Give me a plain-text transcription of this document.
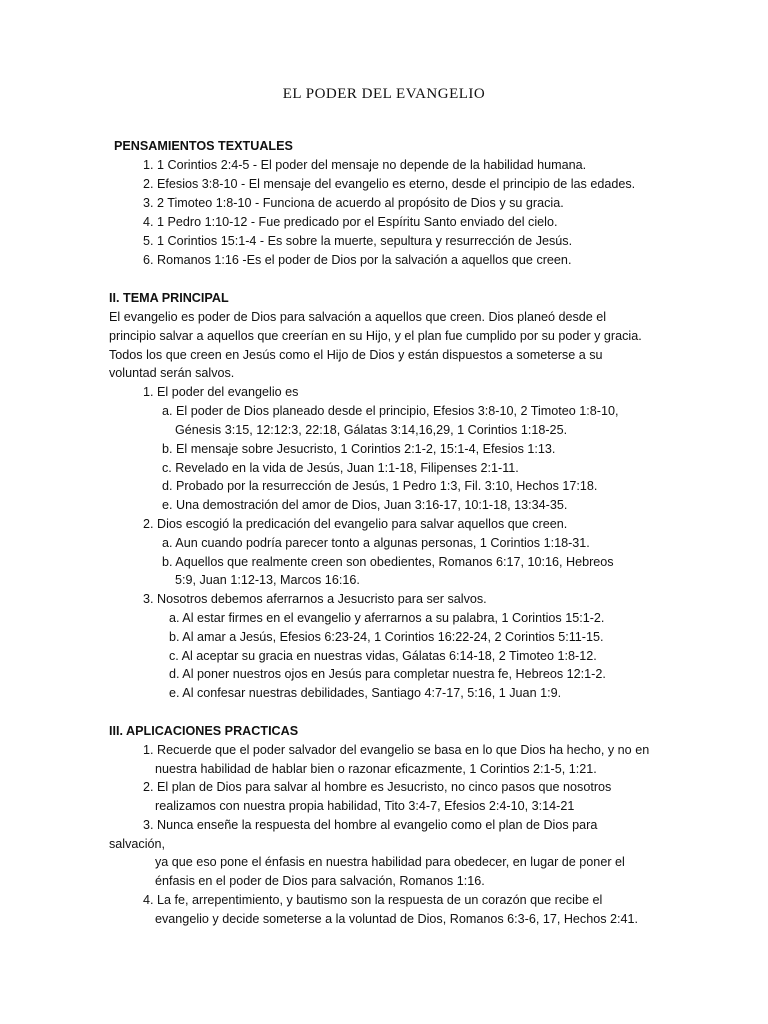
EL PODER DEL EVANGELIO
PENSAMIENTOS TEXTUALES
1. 1 Corintios 2:4-5 - El poder del mensaje no depende de la habilidad humana.
2. Efesios 3:8-10 - El mensaje del evangelio es eterno, desde el principio de las edades.
3. 2 Timoteo 1:8-10 - Funciona de acuerdo al propósito de Dios y su gracia.
4. 1 Pedro 1:10-12 - Fue predicado por el Espíritu Santo enviado del cielo.
5. 1 Corintios 15:1-4 - Es sobre la muerte, sepultura y resurrección de Jesús.
6. Romanos 1:16 -Es el poder de Dios por la salvación a aquellos que creen.
II. TEMA PRINCIPAL
El evangelio es poder de Dios para salvación a aquellos que creen. Dios planeó desde el
principio salvar a aquellos que creerían en su Hijo, y el plan fue cumplido por su poder y gracia.
Todos los que creen en Jesús como el Hijo de Dios y están dispuestos a someterse a su
voluntad serán salvos.
1. El poder del evangelio es
a. El poder de Dios planeado desde el principio, Efesios 3:8-10, 2 Timoteo 1:8-10,
Génesis 3:15, 12:12:3, 22:18, Gálatas 3:14,16,29, 1 Corintios 1:18-25.
b. El mensaje sobre Jesucristo, 1 Corintios 2:1-2, 15:1-4, Efesios 1:13.
c. Revelado en la vida de Jesús, Juan 1:1-18, Filipenses 2:1-11.
d. Probado por la resurrección de Jesús, 1 Pedro 1:3, Fil. 3:10, Hechos 17:18.
e. Una demostración del amor de Dios, Juan 3:16-17, 10:1-18, 13:34-35.
2. Dios escogió la predicación del evangelio para salvar aquellos que creen.
a. Aun cuando podría parecer tonto a algunas personas, 1 Corintios 1:18-31.
b. Aquellos que realmente creen son obedientes, Romanos 6:17, 10:16, Hebreos
5:9, Juan 1:12-13, Marcos 16:16.
3. Nosotros debemos aferrarnos a Jesucristo para ser salvos.
a. Al estar firmes en el evangelio y aferrarnos a su palabra, 1 Corintios 15:1-2.
b. Al amar a Jesús, Efesios 6:23-24, 1 Corintios 16:22-24, 2 Corintios 5:11-15.
c. Al aceptar su gracia en nuestras vidas, Gálatas 6:14-18, 2 Timoteo 1:8-12.
d. Al poner nuestros ojos en Jesús para completar nuestra fe, Hebreos 12:1-2.
e. Al confesar nuestras debilidades, Santiago 4:7-17, 5:16, 1 Juan 1:9.
III. APLICACIONES PRACTICAS
1. Recuerde que el poder salvador del evangelio se basa en lo que Dios ha hecho, y no en
nuestra habilidad de hablar bien o razonar eficazmente, 1 Corintios 2:1-5, 1:21.
2. El plan de Dios para salvar al hombre es Jesucristo, no cinco pasos que nosotros
realizamos con nuestra propia habilidad, Tito 3:4-7, Efesios 2:4-10, 3:14-21
3. Nunca enseñe la respuesta del hombre al evangelio como el plan de Dios para
salvación,
ya que eso pone el énfasis en nuestra habilidad para obedecer, en lugar de poner el
énfasis en el poder de Dios para salvación, Romanos 1:16.
4. La fe, arrepentimiento, y bautismo son la respuesta de un corazón que recibe el
evangelio y decide someterse a la voluntad de Dios, Romanos 6:3-6, 17, Hechos 2:41.
